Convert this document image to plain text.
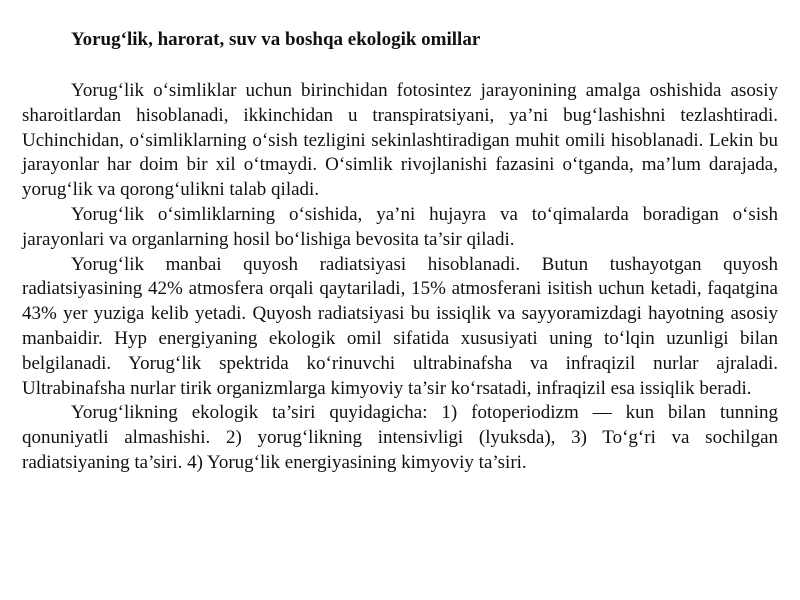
Yorug‘lik, harorat, suv va boshqa ekologik omillar

Yorug‘lik o‘simliklar uchun birinchidan fotosintez jarayonining amalga oshishida asosiy sharoitlardan hisoblanadi, ikkinchidan u transpiratsiyani, ya’ni bug‘lashishni tezlashtiradi. Uchinchidan, o‘simliklarning o‘sish tezligini sekinlashtiradigan muhit omili hisoblanadi. Lekin bu jarayonlar har doim bir xil o‘tmaydi. O‘simlik rivojlanishi fazasini o‘tganda, ma’lum darajada, yorug‘lik va qorong‘ulikni talab qiladi.

Yorug‘lik o‘simliklarning o‘sishida, ya’ni hujayra va to‘qimalarda boradigan o‘sish jarayonlari va organlarning hosil bo‘lishiga bevosita ta’sir qiladi.

Yorug‘lik manbai quyosh radiatsiyasi hisoblanadi. Butun tushayotgan quyosh radiatsiyasining 42% atmosfera orqali qaytariladi, 15% atmosferani isitish uchun ketadi, faqatgina 43% yer yuziga kelib yetadi. Quyosh radiatsiyasi bu issiqlik va sayyoramizdagi hayotning asosiy manbaidir. Hyp energiyaning ekologik omil sifatida xususiyati uning to‘lqin uzunligi bilan belgilanadi. Yorug‘lik spektrida ko‘rinuvchi ultrabinafsha va infraqizil nurlar ajraladi. Ultrabinafsha nurlar tirik organizmlarga kimyoviy ta’sir ko‘rsatadi, infraqizil esa issiqlik beradi.

Yorug‘likning ekologik ta’siri quyidagicha: 1) fotoperiodizm — kun bilan tunning qonuniyatli almashishi. 2) yorug‘likning intensivligi (lyuksda), 3) To‘g‘ri va sochilgan radiatsiyaning ta’siri. 4) Yorug‘lik energiyasining kimyoviy ta’siri.
